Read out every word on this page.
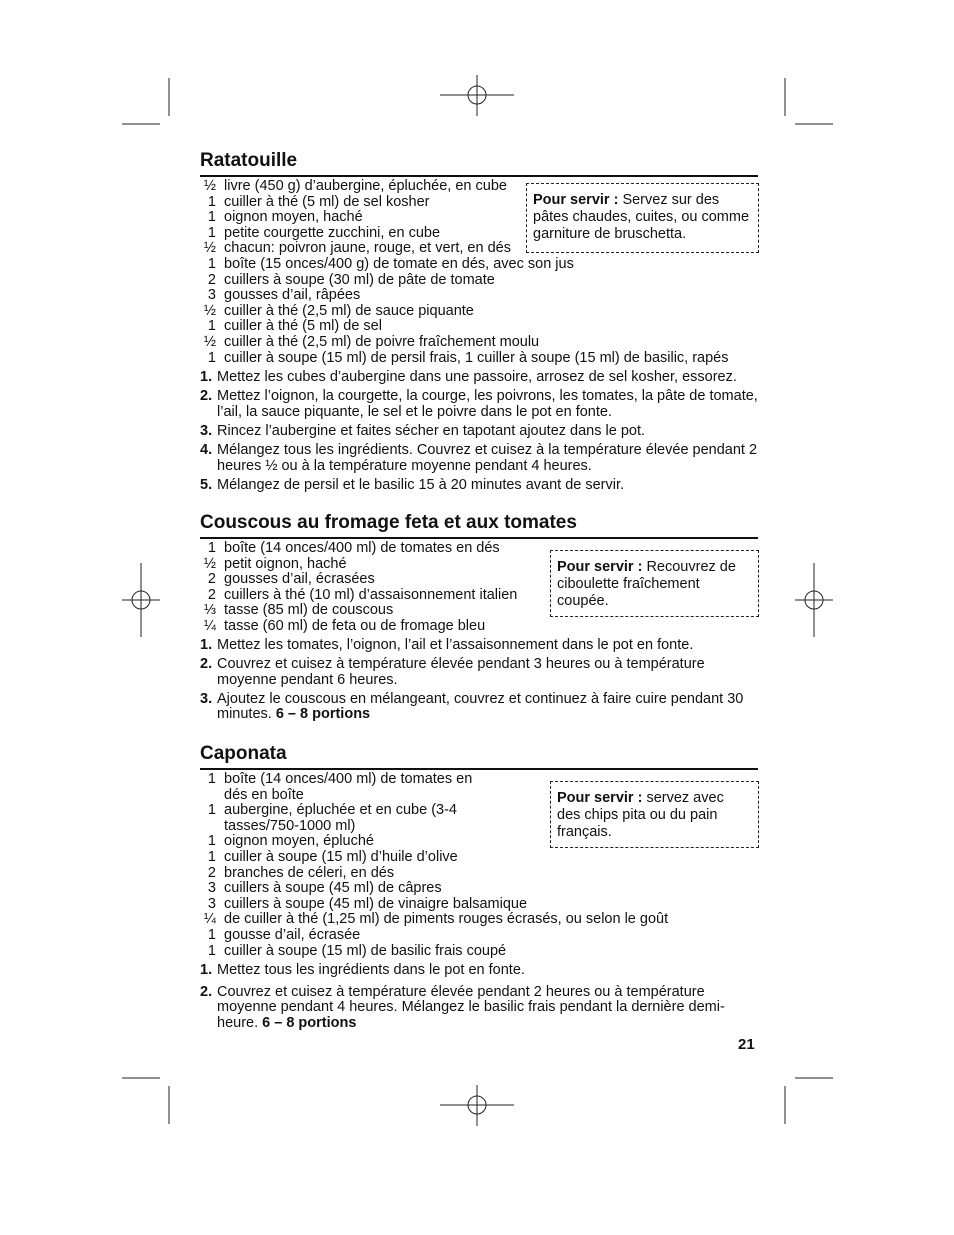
Ratatouille
½ livre (450 g) d’aubergine, épluchée, en cube
1 cuiller à thé (5 ml) de sel kosher
1 oignon moyen, haché
1 petite courgette zucchini, en cube
½ chacun: poivron jaune, rouge, et vert, en dés
1 boîte (15 onces/400 g) de tomate en dés, avec son jus
2 cuillers à soupe (30 ml) de pâte de tomate
3 gousses d’ail, râpées
½ cuiller à thé (2,5 ml) de sauce piquante
1 cuiller à thé (5 ml) de sel
½ cuiller à thé (2,5 ml) de poivre fraîchement moulu
1 cuiller à soupe (15 ml) de persil frais, 1 cuiller à soupe (15 ml) de basilic, rapés
1. Mettez les cubes d’aubergine dans une passoire, arrosez de sel kosher, essorez.
2. Mettez l’oignon, la courgette, la courge, les poivrons, les tomates, la pâte de tomate, l’ail, la sauce piquante, le sel et le poivre dans le pot en fonte.
3. Rincez l’aubergine et faites sécher en tapotant ajoutez dans le pot.
4. Mélangez tous les ingrédients. Couvrez et cuisez à la température élevée pendant 2 heures ½ ou à la température moyenne pendant 4 heures.
5. Mélangez de persil et le basilic 15 à 20 minutes avant de servir.
Pour servir : Servez sur des pâtes chaudes, cuites, ou comme garniture de bruschetta.
Couscous au fromage feta et aux tomates
1 boîte (14 onces/400 ml) de tomates en dés
½ petit oignon, haché
2 gousses d’ail, écrasées
2 cuillers à thé (10 ml) d’assaisonnement italien
⅓ tasse (85 ml) de couscous
¼ tasse (60 ml) de feta ou de fromage bleu
1. Mettez les tomates, l’oignon, l’ail et l’assaisonnement dans le pot en fonte.
2. Couvrez et cuisez à température élevée pendant 3 heures ou à température moyenne pendant 6 heures.
3. Ajoutez le couscous en mélangeant, couvrez et continuez à faire cuire pendant 30 minutes. 6 – 8 portions
Pour servir : Recouvrez de ciboulette fraîchement coupée.
Caponata
1 boîte (14 onces/400 ml) de tomates en dés en boîte
1 aubergine, épluchée et en cube (3-4 tasses/750-1000 ml)
1 oignon moyen, épluché
1 cuiller à soupe (15 ml) d’huile d’olive
2 branches de céleri, en dés
3 cuillers à soupe (45 ml) de câpres
3 cuillers à soupe (45 ml) de vinaigre balsamique
¼ de cuiller à thé (1,25 ml) de piments rouges écrasés, ou selon le goût
1 gousse d’ail, écrasée
1 cuiller à soupe (15 ml) de basilic frais coupé
1. Mettez tous les ingrédients dans le pot en fonte.
2. Couvrez et cuisez à température élevée pendant 2 heures ou à température moyenne pendant 4 heures. Mélangez le basilic frais pendant la dernière demi-heure. 6 – 8 portions
Pour servir : servez avec des chips pita ou du pain français.
21
